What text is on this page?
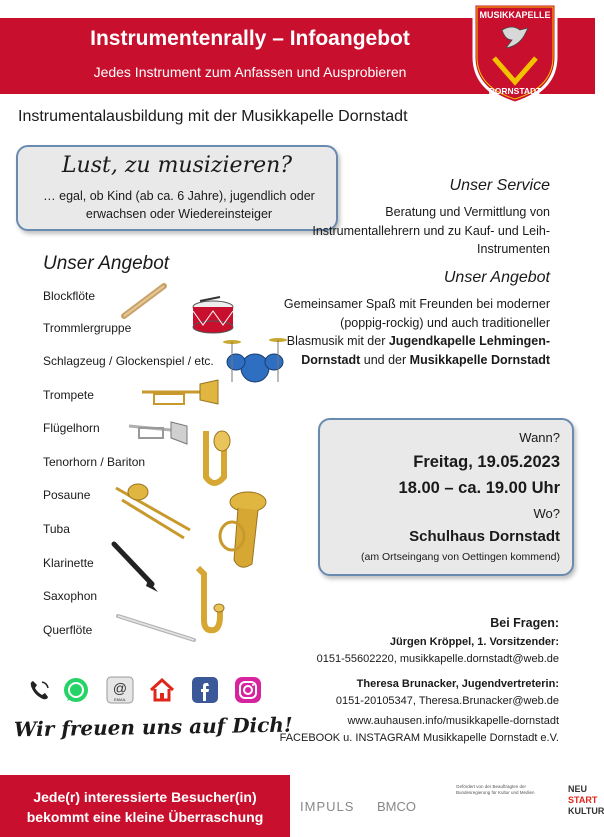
Instrumentenrally – Infoangebot
Jedes Instrument zum Anfassen und Ausprobieren
MUSIKKAPELLE
DORNSTADT
Instrumentalausbildung mit der Musikkapelle Dornstadt
Lust, zu musizieren?
… egal, ob Kind (ab ca. 6 Jahre), jugendlich oder erwachsen oder Wiedereinsteiger
Unser Service
Beratung und Vermittlung von Instrumentallehrern und zu Kauf- und Leih-Instrumenten
Unser Angebot
Gemeinsamer Spaß mit Freunden bei moderner (poppig-rockig) und auch traditioneller Blasmusik mit der Jugendkapelle Lehmingen-Dornstadt und der Musikkapelle Dornstadt
Unser Angebot
Blockflöte
Trommlergruppe
Schlagzeug / Glockenspiel / etc.
Trompete
Flügelhorn
Tenorhorn / Bariton
Posaune
Tuba
Klarinette
Saxophon
Querflöte
Wann?
Freitag, 19.05.2023
18.00 – ca. 19.00 Uhr
Wo?
Schulhaus Dornstadt
(am Ortseingang von Oettingen kommend)
Bei Fragen:
Jürgen Kröppel, 1. Vorsitzender:
0151-55602220, musikkapelle.dornstadt@web.de
Theresa Brunacker, Jugendvertreterin:
0151-20105347, Theresa.Brunacker@web.de
www.auhausen.info/musikkapelle-dornstadt
FACEBOOK u. INSTAGRAM Musikkapelle Dornstadt e.V.
@
EMAIL
Wir freuen uns auf Dich!
Jede(r) interessierte Besucher(in)
bekommt eine kleine Überraschung
IMPULS BMCO
Gefördert von der Beauftragten der Bundesregierung für Kultur und Medien	NEU
START
KULTUR
